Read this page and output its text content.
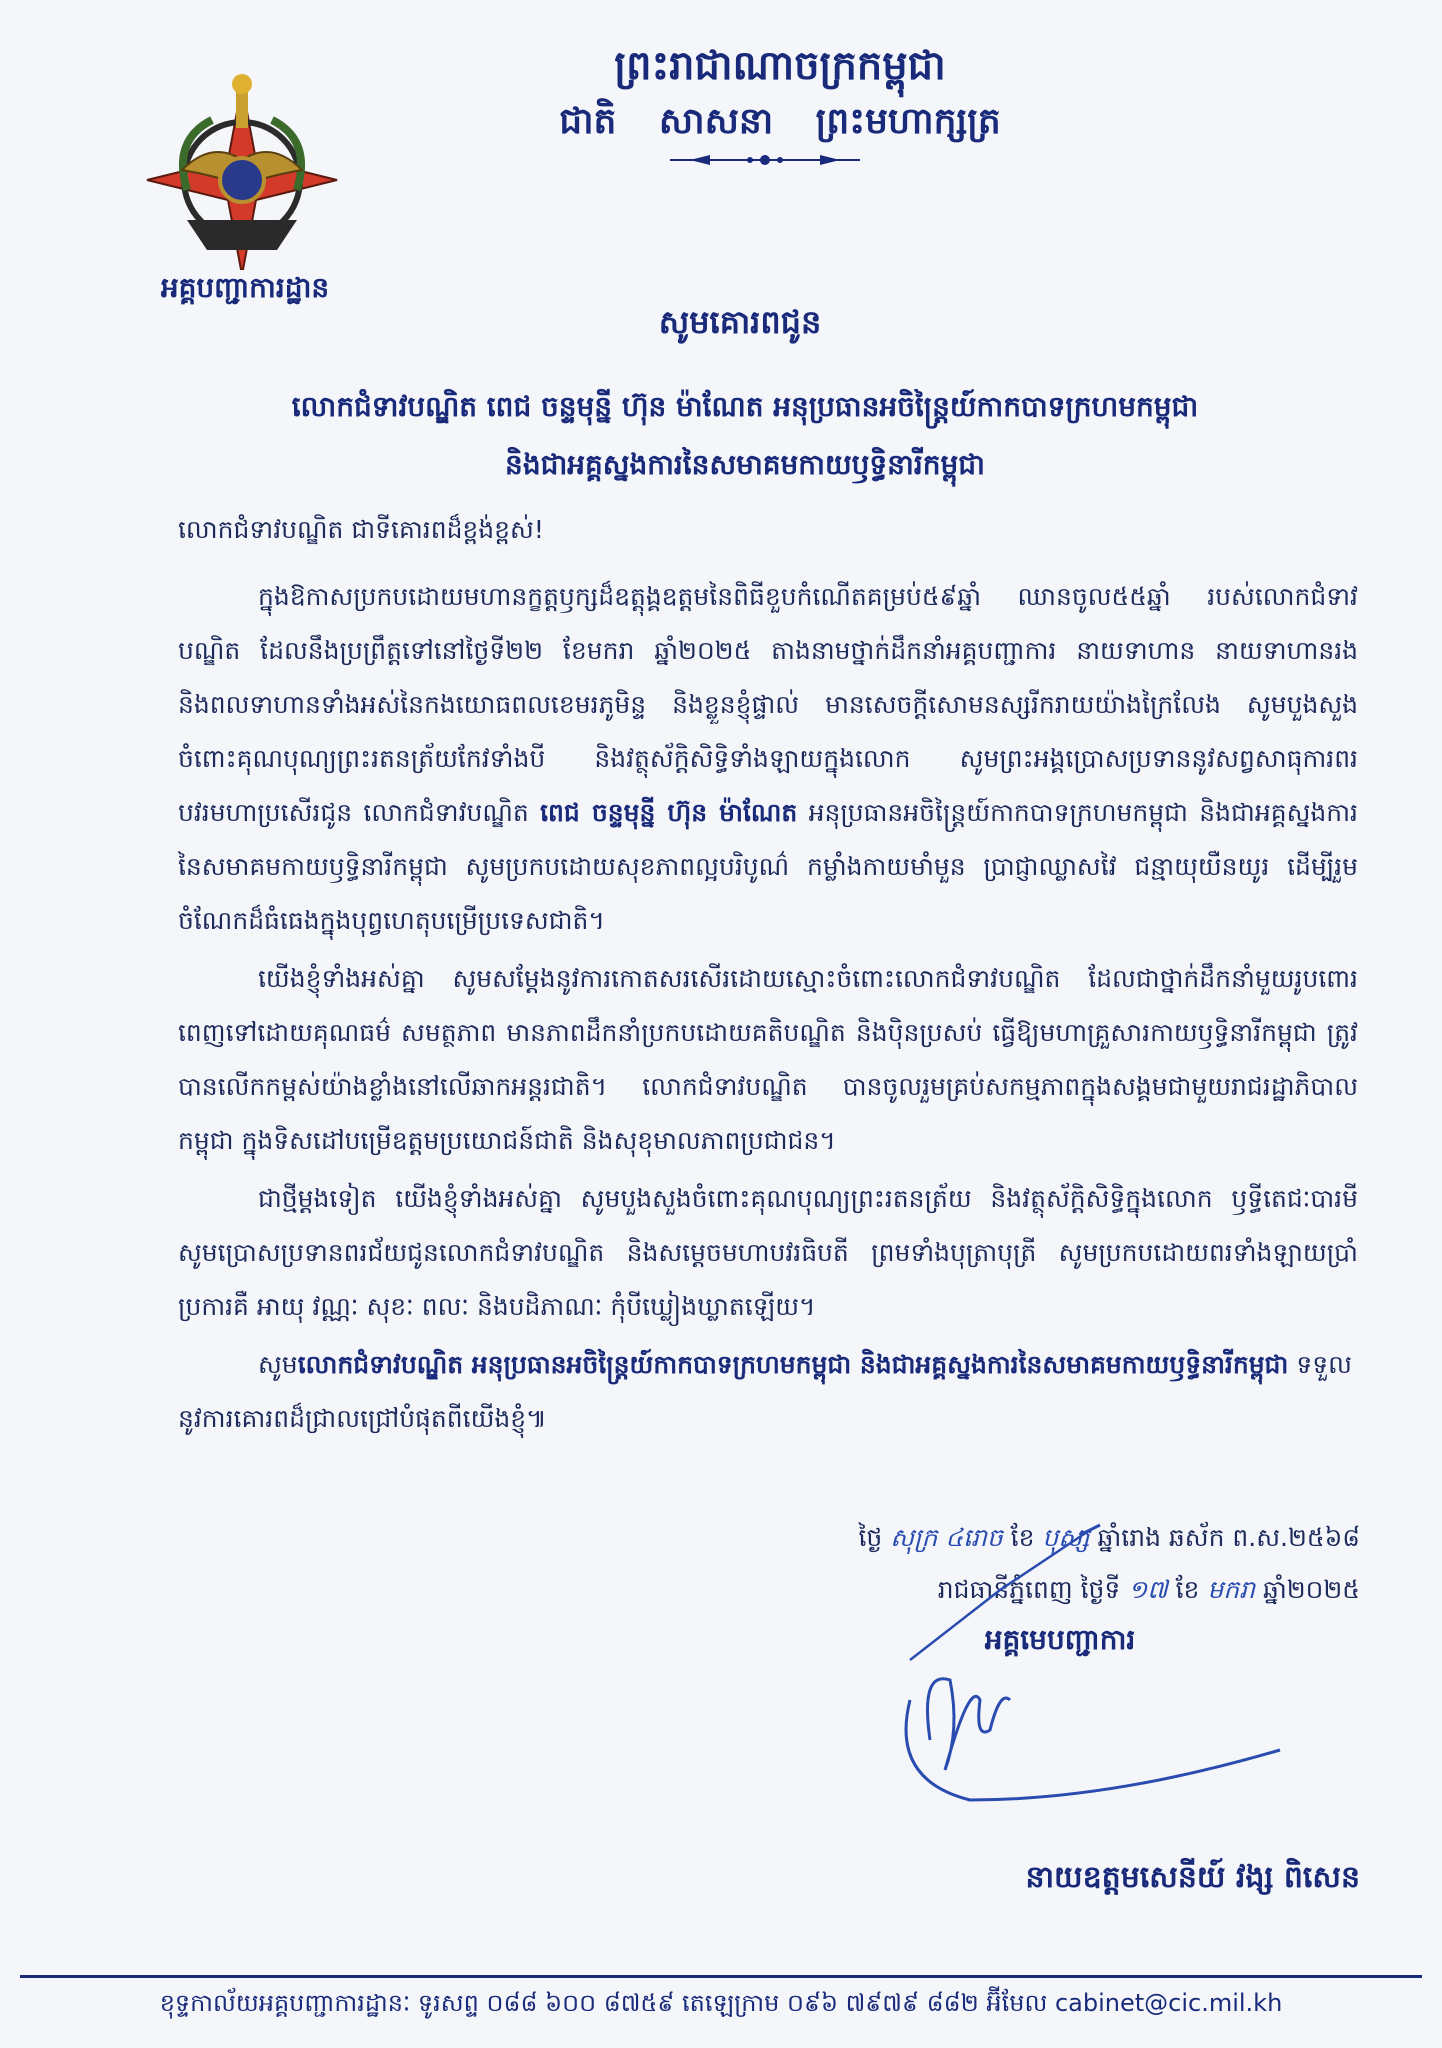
អគ្គបញ្ជាការដ្ឋាន
ព្រះរាជាណាចក្រកម្ពុជា
ជាតិ សាសនា ព្រះមហាក្សត្រ
សូមគោរពជូន
លោកជំទាវបណ្ឌិត ពេជ ចន្ទមុន្នី ហ៊ុន ម៉ាណែត អនុប្រធានអចិន្ត្រៃយ៍កាកបាទក្រហមកម្ពុជា
និងជាអគ្គស្នងការនៃសមាគមកាយឫទ្ធិនារីកម្ពុជា
លោកជំទាវបណ្ឌិត ជាទីគោរពដ៏ខ្ពង់ខ្ពស់!

ក្នុងឱកាសប្រកបដោយមហានក្ខត្តឫក្សដ៏ឧត្តុង្គឧត្តមនៃពិធីខួបកំណើតគម្រប់៥៩ឆ្នាំ ឈានចូល៥៥ឆ្នាំ របស់លោកជំទាវបណ្ឌិត ដែលនឹងប្រព្រឹត្តទៅនៅថ្ងៃទី២២ ខែមករា ឆ្នាំ២០២៥ តាងនាមថ្នាក់ដឹកនាំអគ្គបញ្ជាការ នាយទាហាន នាយទាហានរង និងពលទាហានទាំងអស់នៃកងយោធពលខេមរភូមិន្ទ និងខ្លួនខ្ញុំផ្ទាល់ មានសេចក្តីសោមនស្សរីករាយយ៉ាងក្រៃលែង សូមបួងសួងចំពោះគុណបុណ្យព្រះរតនត្រ័យកែវទាំងបី និងវត្ថុស័ក្តិសិទ្ធិទាំងឡាយក្នុងលោក សូមព្រះអង្គប្រោសប្រទាននូវសព្វសាធុការពរ បវរមហាប្រសើរជូន លោកជំទាវបណ្ឌិត ពេជ ចន្ទមុន្នី ហ៊ុន ម៉ាណែត អនុប្រធានអចិន្ត្រៃយ៍កាកបាទក្រហមកម្ពុជា និងជាអគ្គស្នងការនៃសមាគមកាយឫទ្ធិនារីកម្ពុជា សូមប្រកបដោយសុខភាពល្អបរិបូណ៌ កម្លាំងកាយមាំមួន ប្រាជ្ញាឈ្លាសវៃ ជន្មាយុយឺនយូរ ដើម្បីរួមចំណែកដ៏ធំធេងក្នុងបុព្វហេតុបម្រើប្រទេសជាតិ។

យើងខ្ញុំទាំងអស់គ្នា សូមសម្តែងនូវការកោតសរសើរដោយស្មោះចំពោះលោកជំទាវបណ្ឌិត ដែលជាថ្នាក់ដឹកនាំមួយរូបពោរពេញទៅដោយគុណធម៌ សមត្ថភាព មានភាពដឹកនាំប្រកបដោយគតិបណ្ឌិត និងប៉ិនប្រសប់ ធ្វើឱ្យមហាគ្រួសារកាយឫទ្ធិនារីកម្ពុជា ត្រូវបានលើកកម្ពស់យ៉ាងខ្លាំងនៅលើឆាកអន្តរជាតិ។ លោកជំទាវបណ្ឌិត បានចូលរួមគ្រប់សកម្មភាពក្នុងសង្គមជាមួយរាជរដ្ឋាភិបាលកម្ពុជា ក្នុងទិសដៅបម្រើឧត្តមប្រយោជន៍ជាតិ និងសុខុមាលភាពប្រជាជន។

ជាថ្មីម្តងទៀត យើងខ្ញុំទាំងអស់គ្នា សូមបួងសួងចំពោះគុណបុណ្យព្រះរតនត្រ័យ និងវត្ថុស័ក្តិសិទ្ធិក្នុងលោក ឫទ្ធីតេជៈបារមី សូមប្រោសប្រទានពរជ័យជូនលោកជំទាវបណ្ឌិត និងសម្តេចមហាបវរធិបតី ព្រមទាំងបុត្រាបុត្រី សូមប្រកបដោយពរទាំងឡាយប្រាំប្រការគឺ អាយុ វណ្ណៈ សុខៈ ពលៈ និងបដិភាណៈ កុំបីឃ្លៀងឃ្លាតឡើយ។

សូមលោកជំទាវបណ្ឌិត អនុប្រធានអចិន្ត្រៃយ៍កាកបាទក្រហមកម្ពុជា និងជាអគ្គស្នងការនៃសមាគមកាយឫទ្ធិនារីកម្ពុជា ទទួលនូវការគោរពដ៏ជ្រាលជ្រៅបំផុតពីយើងខ្ញុំ៕

ថ្ងៃ សុក្រ ៤រោច ខែ បុស្ស ឆ្នាំរោង ឆស័ក ព.ស.២៥៦៨
រាជធានីភ្នំពេញ ថ្ងៃទី ១៧ ខែ មករា ឆ្នាំ២០២៥
អគ្គមេបញ្ជាការ
នាយឧត្តមសេនីយ៍ វង្ស ពិសេន
ខុទ្ទកាល័យអគ្គបញ្ជាការដ្ឋានៈ ទូរសព្ទ ០៨៨ ៦០០ ៨៧៥៩ តេឡេក្រាម ០៩៦ ៧៩៧៩ ៨៨២ អ៊ីមែល cabinet@cic.mil.kh
